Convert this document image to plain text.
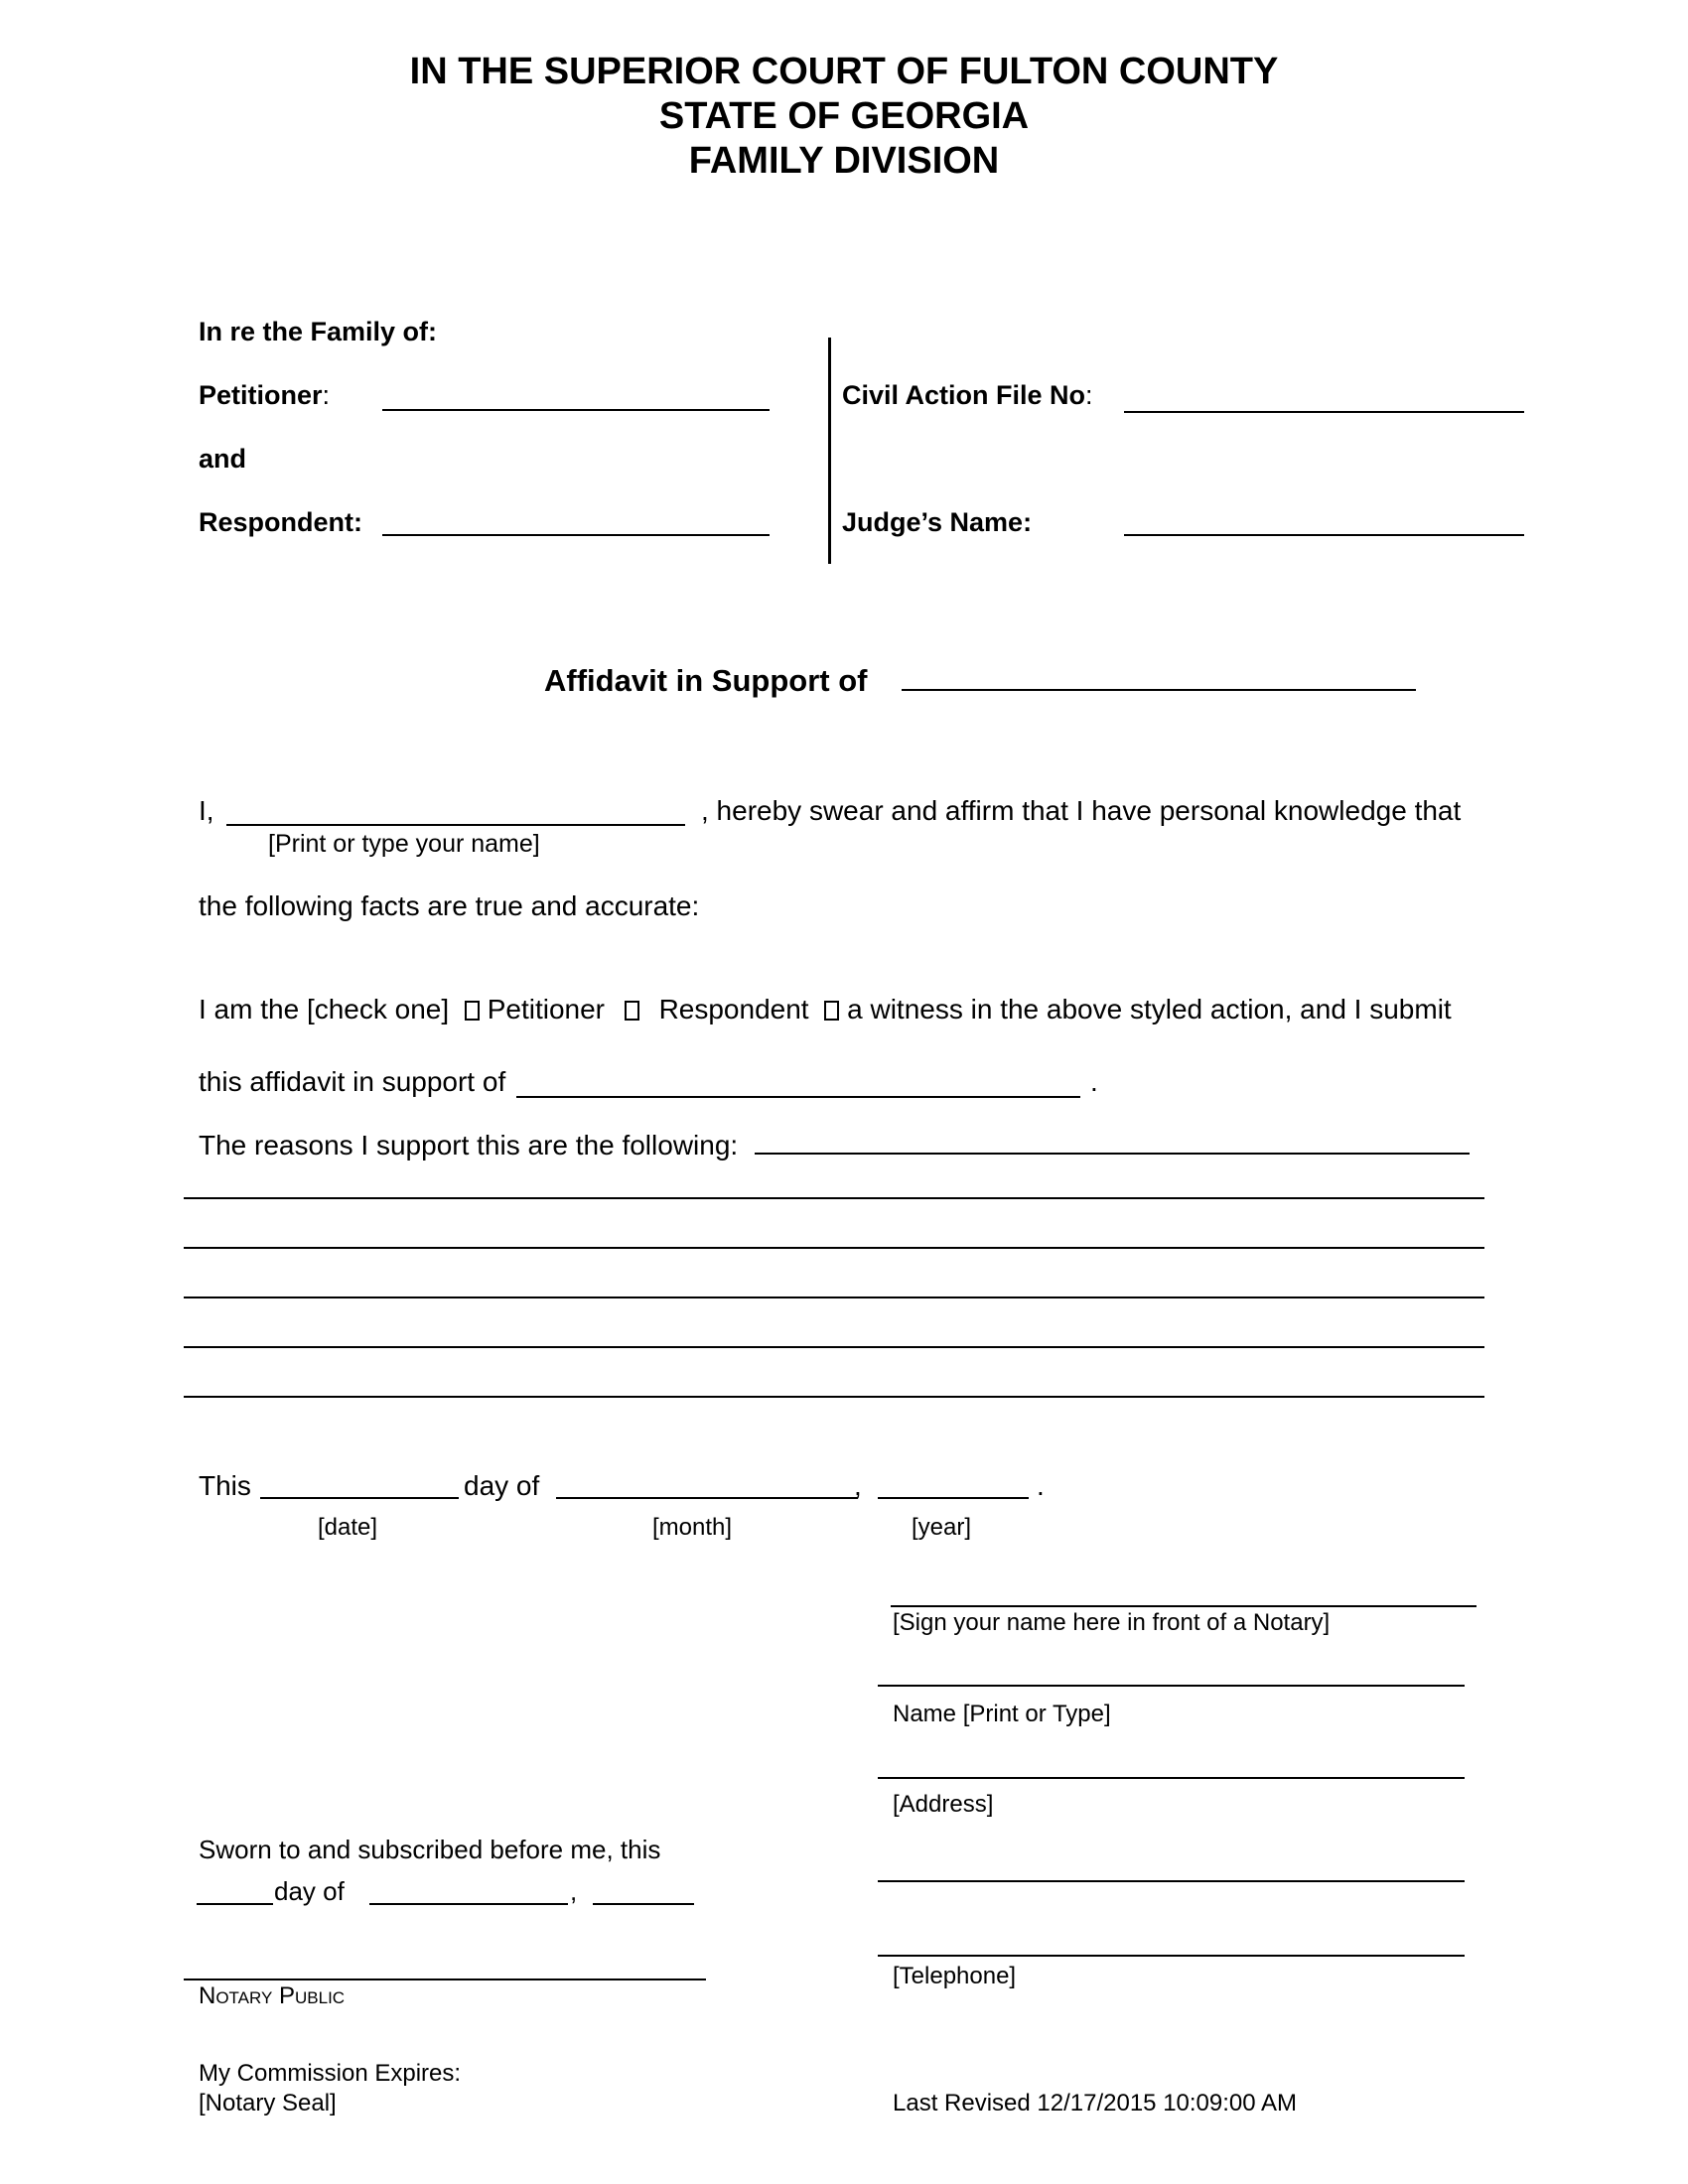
IN THE SUPERIOR COURT OF FULTON COUNTY
STATE OF GEORGIA
FAMILY DIVISION
In re the Family of:
Petitioner:
and
Respondent:
Civil Action File No:
Judge’s Name:
Affidavit in Support of
I,	, hereby swear and affirm that I have personal knowledge that
[Print or type your name]
the following facts are true and accurate:
I am the [check one] Petitioner Respondent a witness in the above styled action, and I submit
this affidavit in support of	.
The reasons I support this are the following:
This	day of	,	.
[date]	[month]	[year]
[Sign your name here in front of a Notary]
Name [Print or Type]
[Address]
[Telephone]
Sworn to and subscribed before me, this
day of	,
Notary Public
My Commission Expires:
[Notary Seal]	Last Revised 12/17/2015 10:09:00 AM
